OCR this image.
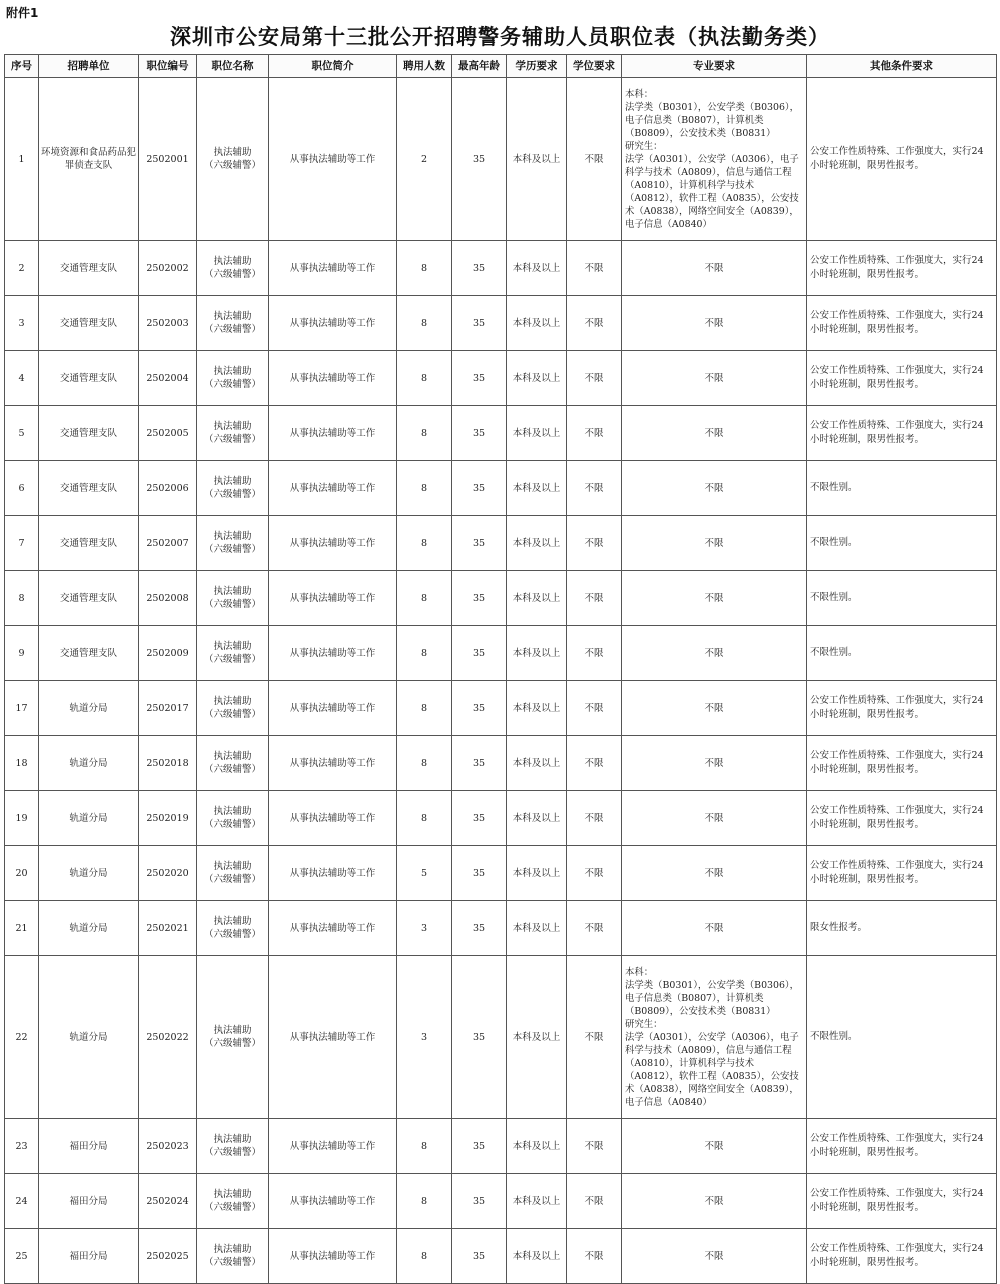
附件1
深圳市公安局第十三批公开招聘警务辅助人员职位表（执法勤务类）
序号	招聘单位	职位编号	职位名称	职位简介	聘用人数	最高年龄	学历要求	学位要求	专业要求	其他条件要求
1	环境资源和食品药品犯罪侦查支队	2502001	执法辅助
（六级辅警）	从事执法辅助等工作	2	35	本科及以上	不限	本科：
法学类（B0301），公安学类（B0306），电子信息类（B0807），计算机类（B0809），公安技术类（B0831）
研究生：
法学（A0301），公安学（A0306），电子科学与技术（A0809），信息与通信工程（A0810），计算机科学与技术（A0812），软件工程（A0835），公安技术（A0838），网络空间安全（A0839），电子信息（A0840）	公安工作性质特殊、工作强度大，实行24小时轮班制，限男性报考。
2	交通管理支队	2502002	执法辅助
（六级辅警）	从事执法辅助等工作	8	35	本科及以上	不限	不限	公安工作性质特殊、工作强度大，实行24小时轮班制，限男性报考。
3	交通管理支队	2502003	执法辅助
（六级辅警）	从事执法辅助等工作	8	35	本科及以上	不限	不限	公安工作性质特殊、工作强度大，实行24小时轮班制，限男性报考。
4	交通管理支队	2502004	执法辅助
（六级辅警）	从事执法辅助等工作	8	35	本科及以上	不限	不限	公安工作性质特殊、工作强度大，实行24小时轮班制，限男性报考。
5	交通管理支队	2502005	执法辅助
（六级辅警）	从事执法辅助等工作	8	35	本科及以上	不限	不限	公安工作性质特殊、工作强度大，实行24小时轮班制，限男性报考。
6	交通管理支队	2502006	执法辅助
（六级辅警）	从事执法辅助等工作	8	35	本科及以上	不限	不限	不限性别。
7	交通管理支队	2502007	执法辅助
（六级辅警）	从事执法辅助等工作	8	35	本科及以上	不限	不限	不限性别。
8	交通管理支队	2502008	执法辅助
（六级辅警）	从事执法辅助等工作	8	35	本科及以上	不限	不限	不限性别。
9	交通管理支队	2502009	执法辅助
（六级辅警）	从事执法辅助等工作	8	35	本科及以上	不限	不限	不限性别。
17	轨道分局	2502017	执法辅助
（六级辅警）	从事执法辅助等工作	8	35	本科及以上	不限	不限	公安工作性质特殊、工作强度大，实行24小时轮班制，限男性报考。
18	轨道分局	2502018	执法辅助
（六级辅警）	从事执法辅助等工作	8	35	本科及以上	不限	不限	公安工作性质特殊、工作强度大，实行24小时轮班制，限男性报考。
19	轨道分局	2502019	执法辅助
（六级辅警）	从事执法辅助等工作	8	35	本科及以上	不限	不限	公安工作性质特殊、工作强度大，实行24小时轮班制，限男性报考。
20	轨道分局	2502020	执法辅助
（六级辅警）	从事执法辅助等工作	5	35	本科及以上	不限	不限	公安工作性质特殊、工作强度大，实行24小时轮班制，限男性报考。
21	轨道分局	2502021	执法辅助
（六级辅警）	从事执法辅助等工作	3	35	本科及以上	不限	不限	限女性报考。
22	轨道分局	2502022	执法辅助
（六级辅警）	从事执法辅助等工作	3	35	本科及以上	不限	本科：
法学类（B0301），公安学类（B0306），电子信息类（B0807），计算机类（B0809），公安技术类（B0831）
研究生：
法学（A0301），公安学（A0306），电子科学与技术（A0809），信息与通信工程（A0810），计算机科学与技术（A0812），软件工程（A0835），公安技术（A0838），网络空间安全（A0839），电子信息（A0840）	不限性别。
23	福田分局	2502023	执法辅助
（六级辅警）	从事执法辅助等工作	8	35	本科及以上	不限	不限	公安工作性质特殊、工作强度大，实行24小时轮班制，限男性报考。
24	福田分局	2502024	执法辅助
（六级辅警）	从事执法辅助等工作	8	35	本科及以上	不限	不限	公安工作性质特殊、工作强度大，实行24小时轮班制，限男性报考。
25	福田分局	2502025	执法辅助
（六级辅警）	从事执法辅助等工作	8	35	本科及以上	不限	不限	公安工作性质特殊、工作强度大，实行24小时轮班制，限男性报考。
